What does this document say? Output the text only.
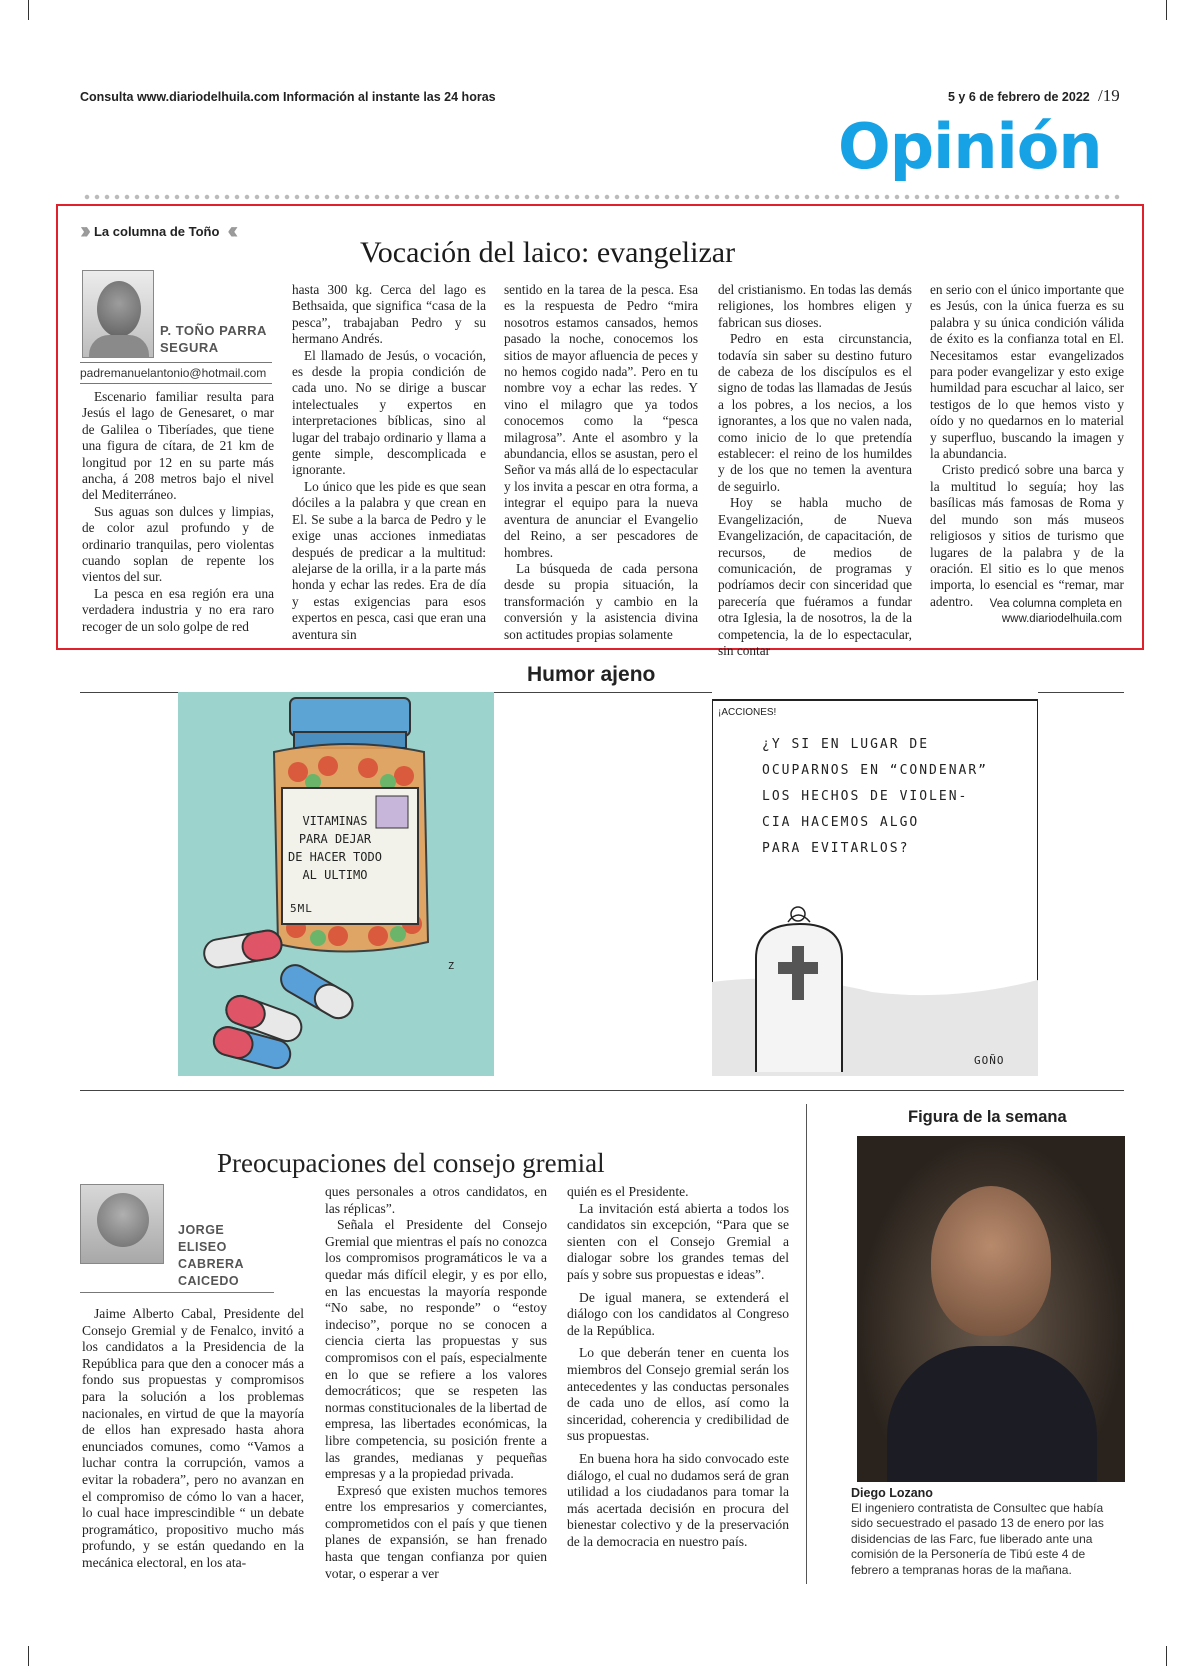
Consulta www.diariodelhuila.com Información al instante las 24 horas	5 y 6 de febrero de 2022 /19
Opinión
›› La columna de Toño ‹‹
Vocación del laico: evangelizar
P. TOÑO PARRA
SEGURA
padremanuelantonio@hotmail.com

Escenario familiar resulta para Jesús el lago de Genesaret, o mar de Galilea o Tiberíades, que tiene una figura de cítara, de 21 km de longitud por 12 en su parte más ancha, á 208 metros bajo el nivel del Mediterráneo.

Sus aguas son dulces y limpias, de color azul profundo y de ordinario tranquilas, pero violentas cuando soplan de repente los vientos del sur.

La pesca en esa región era una verdadera industria y no era raro recoger de un solo golpe de red

hasta 300 kg. Cerca del lago es Bethsaida, que significa “casa de la pesca”, trabajaban Pedro y su hermano Andrés.

El llamado de Jesús, o vocación, es desde la propia condición de cada uno. No se dirige a buscar intelectuales y expertos en interpretaciones bíblicas, sino al lugar del trabajo ordinario y llama a gente simple, descomplicada e ignorante.

Lo único que les pide es que sean dóciles a la palabra y que crean en El. Se sube a la barca de Pedro y le exige unas acciones inmediatas después de predicar a la multitud: alejarse de la orilla, ir a la parte más honda y echar las redes. Era de día y estas exigencias para esos expertos en pesca, casi que eran una aventura sin

sentido en la tarea de la pesca. Esa es la respuesta de Pedro “mira nosotros estamos cansados, hemos pasado la noche, conocemos los sitios de mayor afluencia de peces y no hemos cogido nada”. Pero en tu nombre voy a echar las redes. Y vino el milagro que ya todos conocemos como la “pesca milagrosa”. Ante el asombro y la abundancia, ellos se asustan, pero el Señor va más allá de lo espectacular y los invita a pescar en otra forma, a integrar el equipo para la nueva aventura de anunciar el Evangelio del Reino, a ser pescadores de hombres.

La búsqueda de cada persona desde su propia situación, la transformación y cambio en la conversión y la asistencia divina son actitudes propias solamente

del cristianismo. En todas las demás religiones, los hombres eligen y fabrican sus dioses.

Pedro en esta circunstancia, todavía sin saber su destino futuro de cabeza de los discípulos es el signo de todas las llamadas de Jesús a los pobres, a los necios, a los ignorantes, a los que no valen nada, como inicio de lo que pretendía establecer: el reino de los humildes y de los que no temen la aventura de seguirlo.

Hoy se habla mucho de Evangelización, de Nueva Evangelización, de capacitación, de recursos, de medios de comunicación, de programas y podríamos decir con sinceridad que parecería que fuéramos a fundar otra Iglesia, la de nosotros, la de la competencia, la de lo espectacular, sin contar

en serio con el único importante que es Jesús, con la única fuerza es su palabra y su única condición válida de éxito es la confianza total en El. Necesitamos estar evangelizados para poder evangelizar y esto exige humildad para escuchar al laico, ser testigos de lo que hemos visto y oído y no quedarnos en lo material y superfluo, buscando la imagen y la abundancia.

Cristo predicó sobre una barca y la multitud lo seguía; hoy las basílicas más famosas de Roma y del mundo son más museos religiosos y sitios de turismo que lugares de la palabra y de la oración. El sitio es lo que menos importa, lo esencial es “remar, mar adentro.	Vea columna completa en
www.diariodelhuila.com
Humor ajeno
VITAMINAS
PARA DEJAR
DE HACER TODO
AL ULTIMO
5ML
Z
¡ACCIONES!
¿Y SI EN LUGAR DE
OCUPARNOS EN “CONDENAR”
LOS HECHOS DE VIOLEN-
CIA HACEMOS ALGO
PARA EVITARLOS?
GOÑO
Figura de la semana
Preocupaciones del consejo gremial
JORGE
ELISEO
CABRERA
CAICEDO

Jaime Alberto Cabal, Presidente del Consejo Gremial y de Fenalco, invitó a los candidatos a la Presidencia de la República para que den a conocer más a fondo sus propuestas y compromisos para la solución a los problemas nacionales, en virtud de que la mayoría de ellos han expresado hasta ahora enunciados comunes, como “Vamos a luchar contra la corrupción, vamos a evitar la robadera”, pero no avanzan en el compromiso de cómo lo van a hacer, lo cual hace imprescindible “ un debate programático, propositivo mucho más profundo, y se están quedando en la mecánica electoral, en los ata-

ques personales a otros candidatos, en las réplicas”.

Señala el Presidente del Consejo Gremial que mientras el país no conozca los compromisos programáticos le va a quedar más difícil elegir, y es por ello, en las encuestas la mayoría responde “No sabe, no responde” o “estoy indeciso”, porque no se conocen a ciencia cierta las propuestas y sus compromisos con el país, especialmente en lo que se refiere a los valores democráticos; que se respeten las normas constitucionales de la libertad de empresa, las libertades económicas, la libre competencia, su posición frente a las grandes, medianas y pequeñas empresas y a la propiedad privada.

Expresó que existen muchos temores entre los empresarios y comerciantes, comprometidos con el país y que tienen planes de expansión, se han frenado hasta que tengan confianza por quien votar, o esperar a ver

quién es el Presidente.

La invitación está abierta a todos los candidatos sin excepción, “Para que se sienten con el Consejo Gremial a dialogar sobre los grandes temas del país y sobre sus propuestas e ideas”.

De igual manera, se extenderá el diálogo con los candidatos al Congreso de la República.

Lo que deberán tener en cuenta los miembros del Consejo gremial serán los antecedentes y las conductas personales de cada uno de ellos, así como la sinceridad, coherencia y credibilidad de sus propuestas.

En buena hora ha sido convocado este diálogo, el cual no dudamos será de gran utilidad a los ciudadanos para tomar la más acertada decisión en procura del bienestar colectivo y de la preservación de la democracia en nuestro país.

Diego Lozano
El ingeniero contratista de Consultec que había sido secuestrado el pasado 13 de enero por las disidencias de las Farc, fue liberado ante una comisión de la Personería de Tibú este 4 de febrero a tempranas horas de la mañana.
